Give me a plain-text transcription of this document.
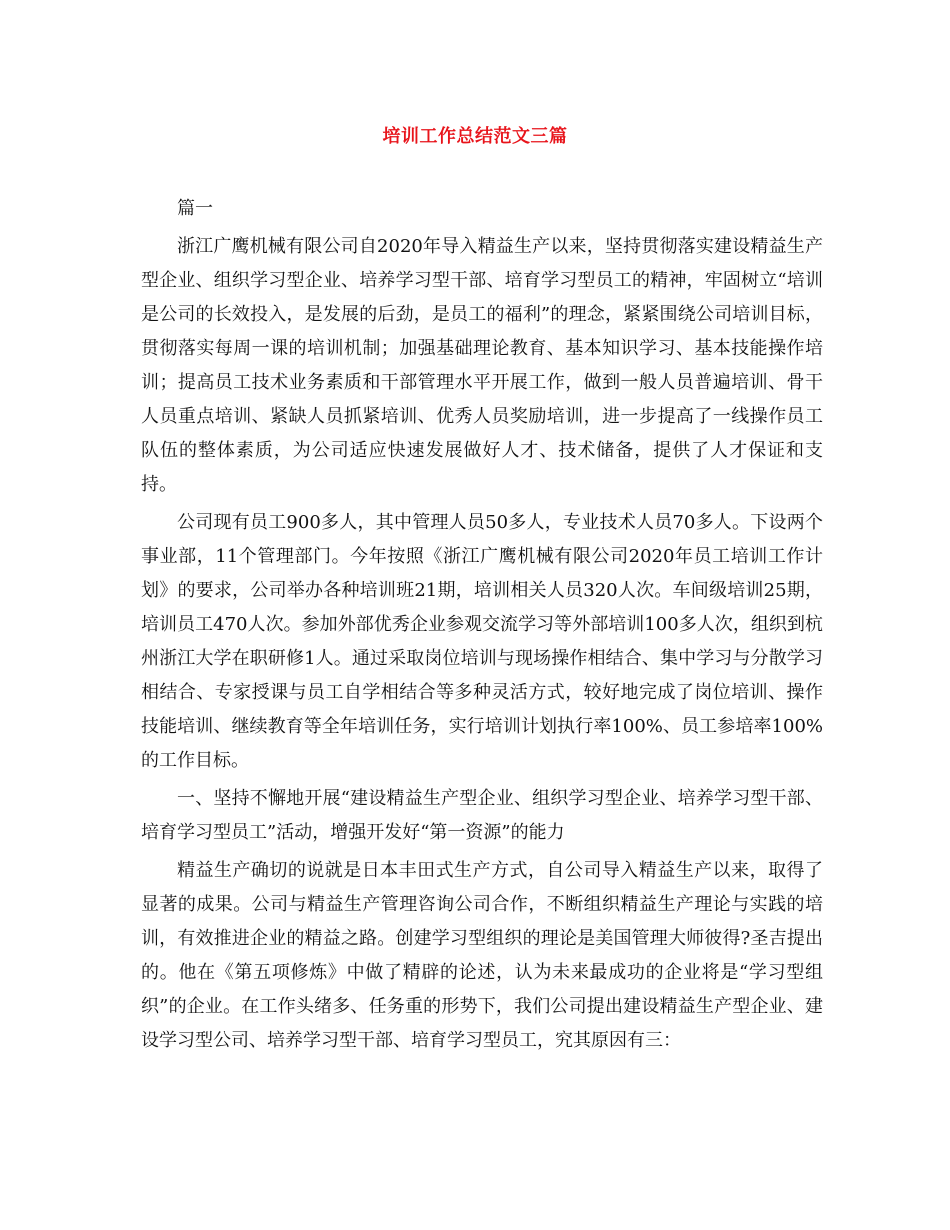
培训工作总结范文三篇

篇一

浙江广鹰机械有限公司自2020年导入精益生产以来，坚持贯彻落实建设精益生产型企业、组织学习型企业、培养学习型干部、培育学习型员工的精神，牢固树立“培训是公司的长效投入，是发展的后劲，是员工的福利”的理念，紧紧围绕公司培训目标，贯彻落实每周一课的培训机制；加强基础理论教育、基本知识学习、基本技能操作培训；提高员工技术业务素质和干部管理水平开展工作，做到一般人员普遍培训、骨干人员重点培训、紧缺人员抓紧培训、优秀人员奖励培训，进一步提高了一线操作员工队伍的整体素质，为公司适应快速发展做好人才、技术储备，提供了人才保证和支持。

公司现有员工900多人，其中管理人员50多人，专业技术人员70多人。下设两个事业部，11个管理部门。今年按照《浙江广鹰机械有限公司2020年员工培训工作计划》的要求，公司举办各种培训班21期，培训相关人员320人次。车间级培训25期，培训员工470人次。参加外部优秀企业参观交流学习等外部培训100多人次，组织到杭州浙江大学在职研修1人。通过采取岗位培训与现场操作相结合、集中学习与分散学习相结合、专家授课与员工自学相结合等多种灵活方式，较好地完成了岗位培训、操作技能培训、继续教育等全年培训任务，实行培训计划执行率100%、员工参培率100%的工作目标。

一、坚持不懈地开展“建设精益生产型企业、组织学习型企业、培养学习型干部、培育学习型员工”活动，增强开发好“第一资源”的能力

精益生产确切的说就是日本丰田式生产方式，自公司导入精益生产以来，取得了显著的成果。公司与精益生产管理咨询公司合作，不断组织精益生产理论与实践的培训，有效推进企业的精益之路。创建学习型组织的理论是美国管理大师彼得?圣吉提出的。他在《第五项修炼》中做了精辟的论述，认为未来最成功的企业将是“学习型组织”的企业。在工作头绪多、任务重的形势下，我们公司提出建设精益生产型企业、建设学习型公司、培养学习型干部、培育学习型员工，究其原因有三：
